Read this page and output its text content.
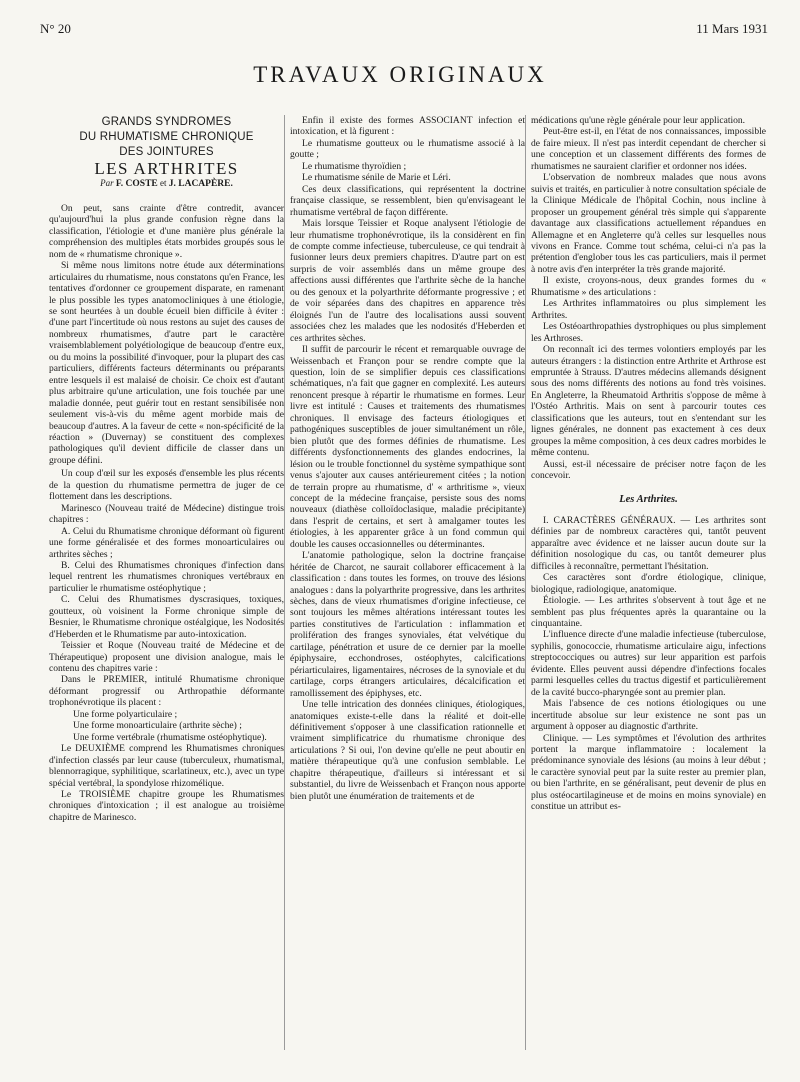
N° 20	11 Mars 1931
TRAVAUX ORIGINAUX
GRANDS SYNDROMES
DU RHUMATISME CHRONIQUE
DES JOINTURES
LES ARTHRITES
Par F. COSTE et J. LACAPÈRE.

On peut, sans crainte d'être contredit, avancer qu'aujourd'hui la plus grande confusion règne dans la classification, l'étiologie et d'une manière plus générale la compréhension des multiples états morbides groupés sous le nom de « rhumatisme chronique ».

Si même nous limitons notre étude aux déterminations articulaires du rhumatisme, nous constatons qu'en France, les tentatives d'ordonner ce groupement disparate, en ramenant le plus possible les types anatomocliniques à une étiologie, se sont heurtées à un double écueil bien difficile à éviter : d'une part l'incertitude où nous restons au sujet des causes de nombreux rhumatismes, d'autre part le caractère vraisemblablement polyétiologique de beaucoup d'entre eux, ou du moins la possibilité d'invoquer, pour la plupart des cas particuliers, différents facteurs déterminants ou préparants entre lesquels il est malaisé de choisir. Ce choix est d'autant plus arbitraire qu'une articulation, une fois touchée par une maladie donnée, peut guérir tout en restant sensibilisée non seulement vis-à-vis du même agent morbide mais de beaucoup d'autres. A la faveur de cette « non-spécificité de la réaction » (Duvernay) se constituent des complexes pathologiques qu'il devient difficile de classer dans un groupe défini.

Un coup d'œil sur les exposés d'ensemble les plus récents de la question du rhumatisme permettra de juger de ce flottement dans les descriptions.

Marinesco (Nouveau traité de Médecine) distingue trois chapitres :

A. Celui du Rhumatisme chronique déformant où figurent une forme généralisée et des formes monoarticulaires ou arthrites sèches ;

B. Celui des Rhumatismes chroniques d'infection dans lequel rentrent les rhumatismes chroniques vertébraux en particulier le rhumatisme ostéophytique ;

C. Celui des Rhumatismes dyscrasiques, toxiques, goutteux, où voisinent la Forme chronique simple de Besnier, le Rhumatisme chronique ostéalgique, les Nodosités d'Heberden et le Rhumatisme par auto-intoxication.

Teissier et Roque (Nouveau traité de Médecine et de Thérapeutique) proposent une division analogue, mais le contenu des chapitres varie :

Dans le PREMIER, intitulé Rhumatisme chronique déformant progressif ou Arthropathie déformante trophonévrotique ils placent :

Une forme polyarticulaire ;

Une forme monoarticulaire (arthrite sèche) ;

Une forme vertébrale (rhumatisme ostéophytique).

Le DEUXIÈME comprend les Rhumatismes chroniques d'infection classés par leur cause (tuberculeux, rhumatismal, blennorragique, syphilitique, scarlatineux, etc.), avec un type spécial vertébral, la spondylose rhizomélique.

Le TROISIÈME chapitre groupe les Rhumatismes chroniques d'intoxication ; il est analogue au troisième chapitre de Marinesco.

Enfin il existe des formes ASSOCIANT infection et intoxication, et là figurent :

Le rhumatisme goutteux ou le rhumatisme associé à la goutte ;

Le rhumatisme thyroïdien ;

Le rhumatisme sénile de Marie et Léri.

Ces deux classifications, qui représentent la doctrine française classique, se ressemblent, bien qu'envisageant le rhumatisme vertébral de façon différente.

Mais lorsque Teissier et Roque analysent l'étiologie de leur rhumatisme trophonévrotique, ils la considèrent en fin de compte comme infectieuse, tuberculeuse, ce qui tendrait à fusionner leurs deux premiers chapitres. D'autre part on est surpris de voir assemblés dans un même groupe des affections aussi différentes que l'arthrite sèche de la hanche ou des genoux et la polyarthrite déformante progressive ; et de voir séparées dans des chapitres en apparence très éloignés l'un de l'autre des localisations aussi souvent associées chez les malades que les nodosités d'Heberden et ces arthrites sèches.

Il suffit de parcourir le récent et remarquable ouvrage de Weissenbach et Françon pour se rendre compte que la question, loin de se simplifier depuis ces classifications schématiques, n'a fait que gagner en complexité. Les auteurs renoncent presque à répartir le rhumatisme en formes. Leur livre est intitulé : Causes et traitements des rhumatismes chroniques. Il envisage des facteurs étiologiques et pathogéniques susceptibles de jouer simultanément un rôle, bien plutôt que des formes définies de rhumatisme. Les différents dysfonctionnements des glandes endocrines, la lésion ou le trouble fonctionnel du système sympathique sont venus s'ajouter aux causes antérieurement citées ; la notion de terrain propre au rhumatisme, d' « arthritisme », vieux concept de la médecine française, persiste sous des noms nouveaux (diathèse colloïdoclasique, maladie précipitante) dans l'esprit de certains, et sert à amalgamer toutes les étiologies, à les apparenter grâce à un fond commun qui double les causes occasionnelles ou déterminantes.

L'anatomie pathologique, selon la doctrine française héritée de Charcot, ne saurait collaborer efficacement à la classification : dans toutes les formes, on trouve des lésions analogues : dans la polyarthrite progressive, dans les arthrites sèches, dans de vieux rhumatismes d'origine infectieuse, ce sont toujours les mêmes altérations intéressant toutes les parties constitutives de l'articulation : inflammation et prolifération des franges synoviales, état velvétique du cartilage, pénétration et usure de ce dernier par la moelle épiphysaire, ecchondroses, ostéophytes, calcifications périarticulaires, ligamentaires, nécroses de la synoviale et du cartilage, corps étrangers articulaires, décalcification et ramollissement des épiphyses, etc.

Une telle intrication des données cliniques, étiologiques, anatomiques existe-t-elle dans la réalité et doit-elle définitivement s'opposer à une classification rationnelle et vraiment simplificatrice du rhumatisme chronique des articulations ? Si oui, l'on devine qu'elle ne peut aboutir en matière thérapeutique qu'à une confusion semblable. Le chapitre thérapeutique, d'ailleurs si intéressant et si substantiel, du livre de Weissenbach et Françon nous apporte bien plutôt une énumération de traitements et de

médications qu'une règle générale pour leur application.

Peut-être est-il, en l'état de nos connaissances, impossible de faire mieux. Il n'est pas interdit cependant de chercher si une conception et un classement différents des formes de rhumatismes ne sauraient clarifier et ordonner nos idées.

L'observation de nombreux malades que nous avons suivis et traités, en particulier à notre consultation spéciale de la Clinique Médicale de l'hôpital Cochin, nous incline à proposer un groupement général très simple qui s'apparente davantage aux classifications actuellement répandues en Allemagne et en Angleterre qu'à celles sur lesquelles nous vivons en France. Comme tout schéma, celui-ci n'a pas la prétention d'englober tous les cas particuliers, mais il permet à notre avis d'en interpréter la très grande majorité.

Il existe, croyons-nous, deux grandes formes du « Rhumatisme » des articulations :

Les Arthrites inflammatoires ou plus simplement les Arthrites.

Les Ostéoarthropathies dystrophiques ou plus simplement les Arthroses.

On reconnaît ici des termes volontiers employés par les auteurs étrangers : la distinction entre Arthrite et Arthrose est empruntée à Strauss. D'autres médecins allemands désignent sous des noms différents des notions au fond très voisines. En Angleterre, la Rheumatoid Arthritis s'oppose de même à l'Ostéo Arthritis. Mais on sent à parcourir toutes ces classifications que les auteurs, tout en s'entendant sur les lignes générales, ne donnent pas exactement à ces deux groupes la même composition, à ces deux cadres morbides le même contenu.

Aussi, est-il nécessaire de préciser notre façon de les concevoir.

Les Arthrites.

I. CARACTÈRES GÉNÉRAUX. — Les arthrites sont définies par de nombreux caractères qui, tantôt peuvent apparaître avec évidence et ne laisser aucun doute sur la définition nosologique du cas, ou tantôt demeurer plus difficiles à reconnaître, permettant l'hésitation.

Ces caractères sont d'ordre étiologique, clinique, biologique, radiologique, anatomique.

Étiologie. — Les arthrites s'observent à tout âge et ne semblent pas plus fréquentes après la quarantaine ou la cinquantaine.

L'influence directe d'une maladie infectieuse (tuberculose, syphilis, gonococcie, rhumatisme articulaire aigu, infections streptococciques ou autres) sur leur apparition est parfois évidente. Elles peuvent aussi dépendre d'infections focales parmi lesquelles celles du tractus digestif et particulièrement de la cavité bucco-pharyngée sont au premier plan.

Mais l'absence de ces notions étiologiques ou une incertitude absolue sur leur existence ne sont pas un argument à opposer au diagnostic d'arthrite.

Clinique. — Les symptômes et l'évolution des arthrites portent la marque inflammatoire : localement la prédominance synoviale des lésions (au moins à leur début ; le caractère synovial peut par la suite rester au premier plan, ou bien l'arthrite, en se généralisant, peut devenir de plus en plus ostéocartilagineuse et de moins en moins synoviale) en constitue un attribut es-
